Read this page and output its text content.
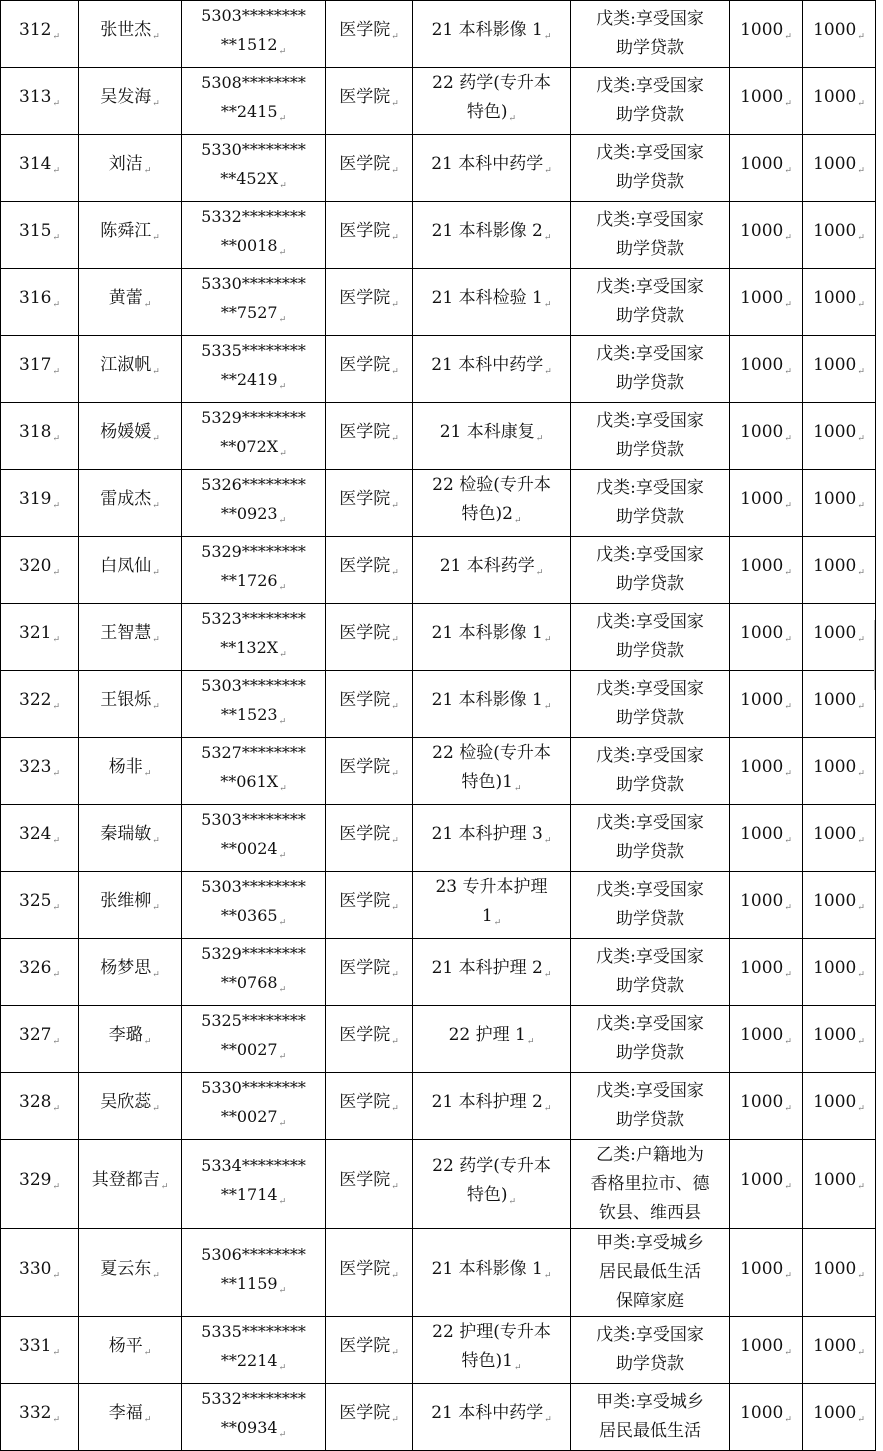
$312_↵$	张世杰$_↵$	5303********
$**1512_↵$	医学院$_↵$	21 本科影像 $1_↵$	戊类:享受国家
助学贷款	$1000_↵$	$1000_↵$
$313_↵$	吴发海$_↵$	5308********
$**2415_↵$	医学院$_↵$	22 药学(专升本
特色)$_↵$	戊类:享受国家
助学贷款	$1000_↵$	$1000_↵$
$314_↵$	刘洁$_↵$	5330********
$**452X_↵$	医学院$_↵$	21 本科中药学$_↵$	戊类:享受国家
助学贷款	$1000_↵$	$1000_↵$
$315_↵$	陈舜江$_↵$	5332********
$**0018_↵$	医学院$_↵$	21 本科影像 $2_↵$	戊类:享受国家
助学贷款	$1000_↵$	$1000_↵$
$316_↵$	黄蕾$_↵$	5330********
$**7527_↵$	医学院$_↵$	21 本科检验 $1_↵$	戊类:享受国家
助学贷款	$1000_↵$	$1000_↵$
$317_↵$	江淑帆$_↵$	5335********
$**2419_↵$	医学院$_↵$	21 本科中药学$_↵$	戊类:享受国家
助学贷款	$1000_↵$	$1000_↵$
$318_↵$	杨媛媛$_↵$	5329********
$**072X_↵$	医学院$_↵$	21 本科康复$_↵$	戊类:享受国家
助学贷款	$1000_↵$	$1000_↵$
$319_↵$	雷成杰$_↵$	5326********
$**0923_↵$	医学院$_↵$	22 检验(专升本
特色)$2_↵$	戊类:享受国家
助学贷款	$1000_↵$	$1000_↵$
$320_↵$	白凤仙$_↵$	5329********
$**1726_↵$	医学院$_↵$	21 本科药学$_↵$	戊类:享受国家
助学贷款	$1000_↵$	$1000_↵$
$321_↵$	王智慧$_↵$	5323********
$**132X_↵$	医学院$_↵$	21 本科影像 $1_↵$	戊类:享受国家
助学贷款	$1000_↵$	$1000_↵$
$322_↵$	王银烁$_↵$	5303********
$**1523_↵$	医学院$_↵$	21 本科影像 $1_↵$	戊类:享受国家
助学贷款	$1000_↵$	$1000_↵$
$323_↵$	杨非$_↵$	5327********
$**061X_↵$	医学院$_↵$	22 检验(专升本
特色)$1_↵$	戊类:享受国家
助学贷款	$1000_↵$	$1000_↵$
$324_↵$	秦瑞敏$_↵$	5303********
$**0024_↵$	医学院$_↵$	21 本科护理 $3_↵$	戊类:享受国家
助学贷款	$1000_↵$	$1000_↵$
$325_↵$	张维柳$_↵$	5303********
$**0365_↵$	医学院$_↵$	23 专升本护理
$1_↵$	戊类:享受国家
助学贷款	$1000_↵$	$1000_↵$
$326_↵$	杨梦思$_↵$	5329********
$**0768_↵$	医学院$_↵$	21 本科护理 $2_↵$	戊类:享受国家
助学贷款	$1000_↵$	$1000_↵$
$327_↵$	李璐$_↵$	5325********
$**0027_↵$	医学院$_↵$	22 护理 $1_↵$	戊类:享受国家
助学贷款	$1000_↵$	$1000_↵$
$328_↵$	吴欣蕊$_↵$	5330********
$**0027_↵$	医学院$_↵$	21 本科护理 $2_↵$	戊类:享受国家
助学贷款	$1000_↵$	$1000_↵$
$329_↵$	其登都吉$_↵$	5334********
$**1714_↵$	医学院$_↵$	22 药学(专升本
特色)$_↵$	乙类:户籍地为
香格里拉市、德
钦县、维西县	$1000_↵$	$1000_↵$
$330_↵$	夏云东$_↵$	5306********
$**1159_↵$	医学院$_↵$	21 本科影像 $1_↵$	甲类:享受城乡
居民最低生活
保障家庭	$1000_↵$	$1000_↵$
$331_↵$	杨平$_↵$	5335********
$**2214_↵$	医学院$_↵$	22 护理(专升本
特色)$1_↵$	戊类:享受国家
助学贷款	$1000_↵$	$1000_↵$
$332_↵$	李福$_↵$	5332********
$**0934_↵$	医学院$_↵$	21 本科中药学$_↵$	甲类:享受城乡
居民最低生活	$1000_↵$	$1000_↵$
